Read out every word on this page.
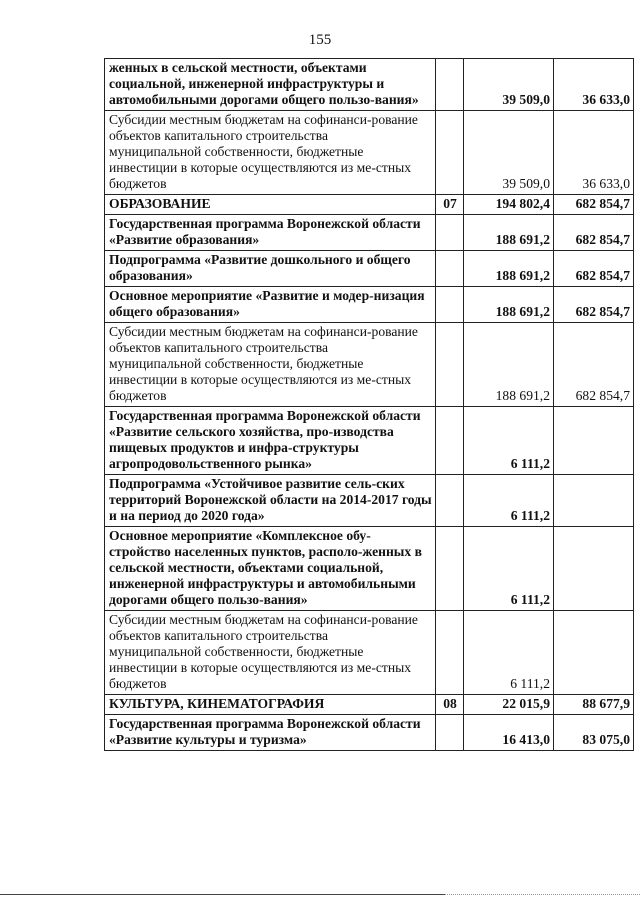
155
женных в сельской местности, объектами социальной, инженерной инфраструктуры и автомобильными дорогами общего пользо-вания»		39 509,0	36 633,0
Субсидии местным бюджетам на софинанси-рование объектов капитального строительства муниципальной собственности, бюджетные инвестиции в которые осуществляются из ме-стных бюджетов		39 509,0	36 633,0
ОБРАЗОВАНИЕ	07	194 802,4	682 854,7
Государственная программа Воронежской области «Развитие образования»		188 691,2	682 854,7
Подпрограмма «Развитие дошкольного и общего образования»		188 691,2	682 854,7
Основное мероприятие «Развитие и модер-низация общего образования»		188 691,2	682 854,7
Субсидии местным бюджетам на софинанси-рование объектов капитального строительства муниципальной собственности, бюджетные инвестиции в которые осуществляются из ме-стных бюджетов		188 691,2	682 854,7
Государственная программа Воронежской области «Развитие сельского хозяйства, про-изводства пищевых продуктов и инфра-структуры агропродовольственного рынка»		6 111,2	
Подпрограмма «Устойчивое развитие сель-ских территорий Воронежской области на 2014-2017 годы и на период до 2020 года»		6 111,2	
Основное мероприятие «Комплексное обу-стройство населенных пунктов, располо-женных в сельской местности, объектами социальной, инженерной инфраструктуры и автомобильными дорогами общего пользо-вания»		6 111,2	
Субсидии местным бюджетам на софинанси-рование объектов капитального строительства муниципальной собственности, бюджетные инвестиции в которые осуществляются из ме-стных бюджетов		6 111,2	
КУЛЬТУРА, КИНЕМАТОГРАФИЯ	08	22 015,9	88 677,9
Государственная программа Воронежской области «Развитие культуры и туризма»		16 413,0	83 075,0
